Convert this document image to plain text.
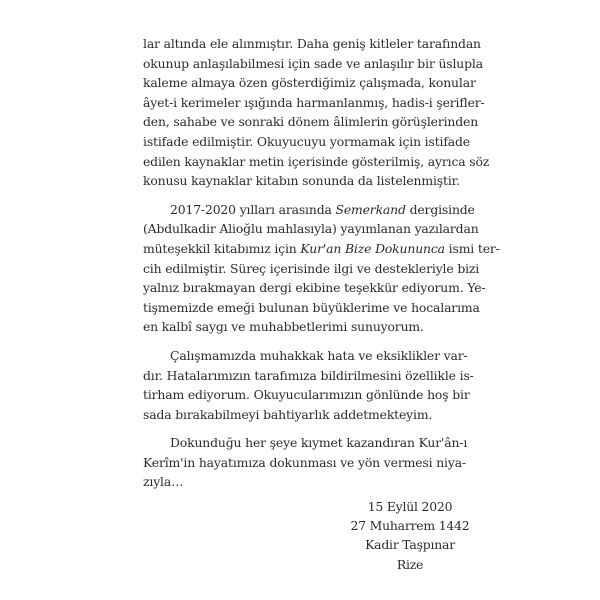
lar altında ele alınmıştır. Daha geniş kitleler tarafından
okunup anlaşılabilmesi için sade ve anlaşılır bir üslupla
kaleme almaya özen gösterdiğimiz çalışmada, konular
âyet-i kerimeler ışığında harmanlanmış, hadis-i şerifler-
den, sahabe ve sonraki dönem âlimlerin görüşlerinden
istifade edilmiştir. Okuyucuyu yormamak için istifade
edilen kaynaklar metin içerisinde gösterilmiş, ayrıca söz
konusu kaynaklar kitabın sonunda da listelenmiştir.

2017-2020 yılları arasında Semerkand dergisinde
(Abdulkadir Alioğlu mahlasıyla) yayımlanan yazılardan
müteşekkil kitabımız için Kur'an Bize Dokununca ismi ter-
cih edilmiştir. Süreç içerisinde ilgi ve destekleriyle bizi
yalnız bırakmayan dergi ekibine teşekkür ediyorum. Ye-
tişmemizde emeği bulunan büyüklerime ve hocalarıma
en kalbî saygı ve muhabbetlerimi sunuyorum.

Çalışmamızda muhakkak hata ve eksiklikler var-
dır. Hatalarımızın tarafımıza bildirilmesini özellikle is-
tirham ediyorum. Okuyucularımızın gönlünde hoş bir
sada bırakabilmeyi bahtiyarlık addetmekteyim.

Dokunduğu her şeye kıymet kazandıran Kur'ân-ı
Kerîm'in hayatımıza dokunması ve yön vermesi niya-
zıyla…

15 Eylül 2020
27 Muharrem 1442
Kadir Taşpınar
Rize
